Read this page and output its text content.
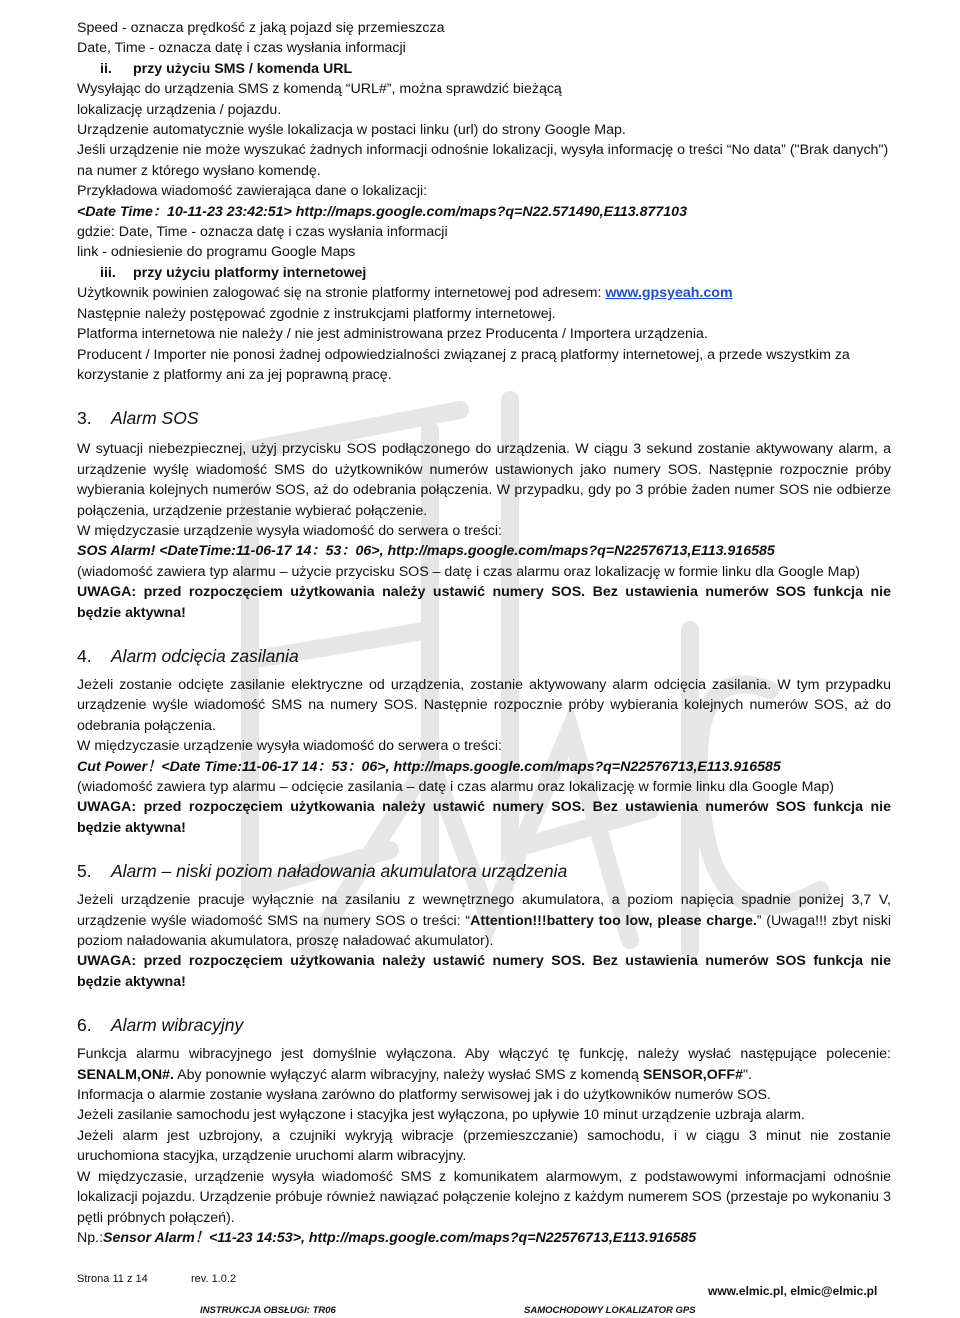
Speed - oznacza prędkość z jaką pojazd się przemieszcza

Date, Time - oznacza datę i czas wysłania informacji

ii. przy użyciu SMS / komenda URL

Wysyłając do urządzenia SMS z komendą “URL#”, można sprawdzić bieżącą

lokalizację urządzenia / pojazdu.

Urządzenie automatycznie wyśle lokalizacja w postaci linku (url) do strony Google Map.

Jeśli urządzenie nie może wyszukać żadnych informacji odnośnie lokalizacji, wysyła informację o treści “No data” ("Brak danych") na numer z którego wysłano komendę.

Przykładowa wiadomość zawierająca dane o lokalizacji:

<Date Time：10-11-23 23:42:51> http://maps.google.com/maps?q=N22.571490,E113.877103

gdzie: Date, Time - oznacza datę i czas wysłania informacji

link - odniesienie do programu Google Maps

iii. przy użyciu platformy internetowej

Użytkownik powinien zalogować się na stronie platformy internetowej pod adresem: www.gpsyeah.com

Następnie należy postępować zgodnie z instrukcjami platformy internetowej.

Platforma internetowa nie należy / nie jest administrowana przez Producenta / Importera urządzenia.

Producent / Importer nie ponosi żadnej odpowiedzialności związanej z pracą platformy internetowej, a przede wszystkim za korzystanie z platformy ani za jej poprawną pracę.

3. Alarm SOS

W sytuacji niebezpiecznej, użyj przycisku SOS podłączonego do urządzenia. W ciągu 3 sekund zostanie aktywowany alarm, a urządzenie wyślę wiadomość SMS do użytkowników numerów ustawionych jako numery SOS. Następnie rozpocznie próby wybierania kolejnych numerów SOS, aż do odebrania połączenia. W przypadku, gdy po 3 próbie żaden numer SOS nie odbierze połączenia, urządzenie przestanie wybierać połączenie.

W międzyczasie urządzenie wysyła wiadomość do serwera o treści:

SOS Alarm! <DateTime:11-06-17 14：53：06>, http://maps.google.com/maps?q=N22576713,E113.916585

(wiadomość zawiera typ alarmu – użycie przycisku SOS – datę i czas alarmu oraz lokalizację w formie linku dla Google Map)

UWAGA: przed rozpoczęciem użytkowania należy ustawić numery SOS. Bez ustawienia numerów SOS funkcja nie będzie aktywna!

4. Alarm odcięcia zasilania

Jeżeli zostanie odcięte zasilanie elektryczne od urządzenia, zostanie aktywowany alarm odcięcia zasilania. W tym przypadku urządzenie wyśle wiadomość SMS na numery SOS. Następnie rozpocznie próby wybierania kolejnych numerów SOS, aż do odebrania połączenia.

W międzyczasie urządzenie wysyła wiadomość do serwera o treści:

Cut Power！<Date Time:11-06-17 14：53：06>, http://maps.google.com/maps?q=N22576713,E113.916585

(wiadomość zawiera typ alarmu – odcięcie zasilania – datę i czas alarmu oraz lokalizację w formie linku dla Google Map)

UWAGA: przed rozpoczęciem użytkowania należy ustawić numery SOS. Bez ustawienia numerów SOS funkcja nie będzie aktywna!

5. Alarm – niski poziom naładowania akumulatora urządzenia

Jeżeli urządzenie pracuje wyłącznie na zasilaniu z wewnętrznego akumulatora, a poziom napięcia spadnie poniżej 3,7 V, urządzenie wyśle wiadomość SMS na numery SOS o treści: “Attention!!!battery too low, please charge.” (Uwaga!!! zbyt niski poziom naładowania akumulatora, proszę naładować akumulator).

UWAGA: przed rozpoczęciem użytkowania należy ustawić numery SOS. Bez ustawienia numerów SOS funkcja nie będzie aktywna!

6. Alarm wibracyjny

Funkcja alarmu wibracyjnego jest domyślnie wyłączona. Aby włączyć tę funkcję, należy wysłać następujące polecenie: SENALM,ON#. Aby ponownie wyłączyć alarm wibracyjny, należy wysłać SMS z komendą SENSOR,OFF#".

Informacja o alarmie zostanie wysłana zarówno do platformy serwisowej jak i do użytkowników numerów SOS.

Jeżeli zasilanie samochodu jest wyłączone i stacyjka jest wyłączona, po upływie 10 minut urządzenie uzbraja alarm.

Jeżeli alarm jest uzbrojony, a czujniki wykryją wibracje (przemieszczanie) samochodu, i w ciągu 3 minut nie zostanie uruchomiona stacyjka, urządzenie uruchomi alarm wibracyjny.

W międzyczasie, urządzenie wysyła wiadomość SMS z komunikatem alarmowym, z podstawowymi informacjami odnośnie lokalizacji pojazdu. Urządzenie próbuje również nawiązać połączenie kolejno z każdym numerem SOS (przestaje po wykonaniu 3 pętli próbnych połączeń).

Np.:Sensor Alarm！<11-23 14:53>, http://maps.google.com/maps?q=N22576713,E113.916585

Strona 11 z 14	rev. 1.0.2
www.elmic.pl, elmic@elmic.pl
INSTRUKCJA OBSŁUGI: TR06	SAMOCHODOWY LOKALIZATOR GPS
